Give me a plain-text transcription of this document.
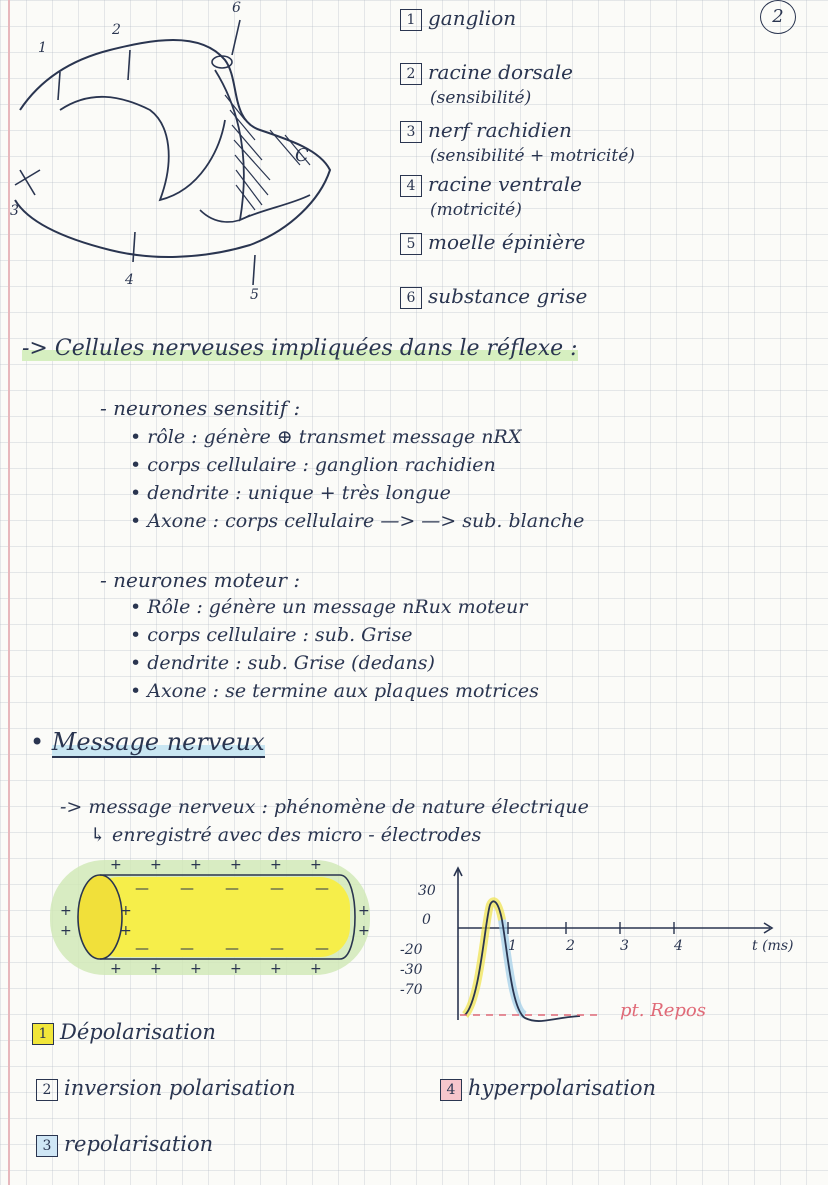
1
2
3
4
5
6
C
2
1 ganglion
2 racine dorsale
(sensibilité)
3 nerf rachidien
(sensibilité + motricité)
4 racine ventrale
(motricité)
5 moelle épinière
6 substance grise
-> Cellules nerveuses impliquées dans le réflexe :
- neurones sensitif :
• rôle : génère ⊕ transmet message nRX
• corps cellulaire : ganglion rachidien
• dendrite : unique + très longue
• Axone : corps cellulaire —> —> sub. blanche
- neurones moteur :
• Rôle : génère un message nRux moteur
• corps cellulaire : sub. Grise
• dendrite : sub. Grise (dedans)
• Axone : se termine aux plaques motrices
• Message nerveux
-> message nerveux : phénomène de nature électrique
↳ enregistré avec des micro - électrodes
+ + + + + +
— — — — —
— — — — —
+ + + + + +
+
+
+
+
+
+
30
0
-20
-30
-70
1	2	3	4	t (ms)
pt. Repos
1 Dépolarisation
2 inversion polarisation
3 repolarisation
4 hyperpolarisation
